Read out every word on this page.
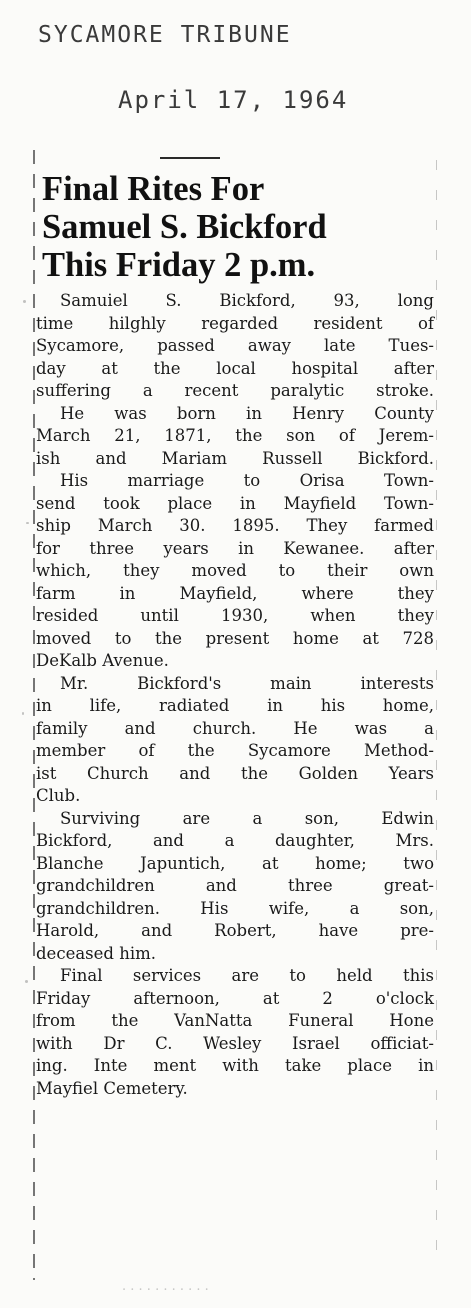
SYCAMORE TRIBUNE
April 17, 1964
Final Rites For
Samuel S. Bickford
This Friday 2 p.m.
Samuiel S. Bickford, 93, long
time hilghly regarded resident of
Sycamore, passed away late Tues-
day at the local hospital after
suffering a recent paralytic stroke.
He was born in Henry County
March 21, 1871, the son of Jerem-
ish and Mariam Russell Bickford.
His marriage to Orisa Town-
send took place in Mayfield Town-
ship March 30. 1895. They farmed
for three years in Kewanee. after
which, they moved to their own
farm in Mayfield, where they
resided until 1930, when they
moved to the present home at 728
DeKalb Avenue.
Mr. Bickford's main interests
in life, radiated in his home,
family and church. He was a
member of the Sycamore Method-
ist Church and the Golden Years
Club.
Surviving are a son, Edwin
Bickford, and a daughter, Mrs.
Blanche Japuntich, at home; two
grandchildren and three great-
grandchildren. His wife, a son,
Harold, and Robert, have pre-
deceased him.
Final services are to held this
Friday afternoon, at 2 o'clock
from the VanNatta Funeral Hone
with Dr C. Wesley Israel officiat-
ing. Inte ment with take place in
Mayfiel Cemetery.
. . . . . . . . . . .
